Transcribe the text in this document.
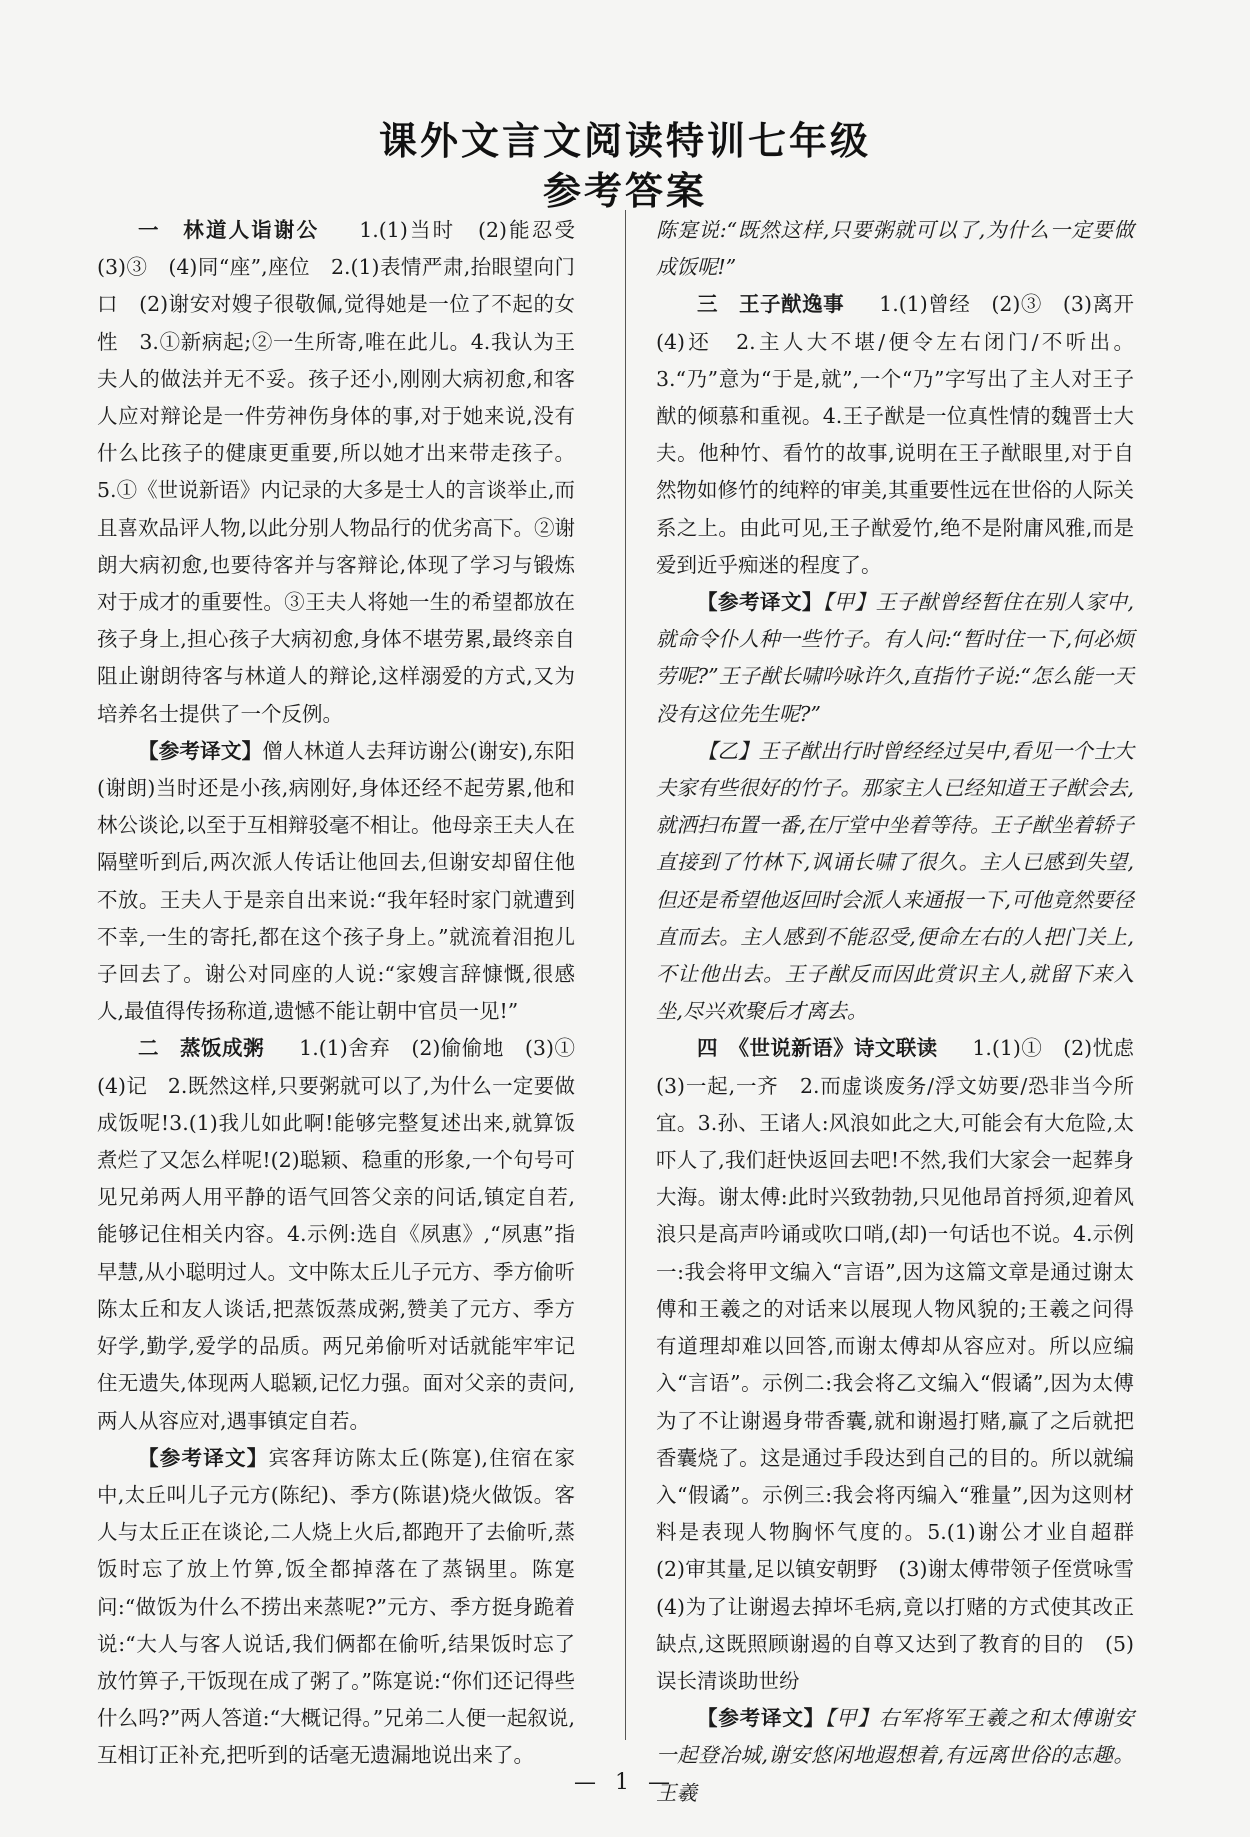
课外文言文阅读特训七年级
参考答案

一　林道人诣谢公 　 1.(1)当时　(2)能忍受　(3)③　(4)同“座”,座位　2.(1)表情严肃,抬眼望向门口　(2)谢安对嫂子很敬佩,觉得她是一位了不起的女性　3.①新病起;②一生所寄,唯在此儿。4.我认为王夫人的做法并无不妥。孩子还小,刚刚大病初愈,和客人应对辩论是一件劳神伤身体的事,对于她来说,没有什么比孩子的健康更重要,所以她才出来带走孩子。5.①《世说新语》内记录的大多是士人的言谈举止,而且喜欢品评人物,以此分别人物品行的优劣高下。②谢朗大病初愈,也要待客并与客辩论,体现了学习与锻炼对于成才的重要性。③王夫人将她一生的希望都放在孩子身上,担心孩子大病初愈,身体不堪劳累,最终亲自阻止谢朗待客与林道人的辩论,这样溺爱的方式,又为培养名士提供了一个反例。

【参考译文】僧人林道人去拜访谢公(谢安),东阳(谢朗)当时还是小孩,病刚好,身体还经不起劳累,他和林公谈论,以至于互相辩驳毫不相让。他母亲王夫人在隔壁听到后,两次派人传话让他回去,但谢安却留住他不放。王夫人于是亲自出来说:“我年轻时家门就遭到不幸,一生的寄托,都在这个孩子身上。”就流着泪抱儿子回去了。谢公对同座的人说:“家嫂言辞慷慨,很感人,最值得传扬称道,遗憾不能让朝中官员一见!”

二　蒸饭成粥 　 1.(1)舍弃　(2)偷偷地　(3)①　(4)记　2.既然这样,只要粥就可以了,为什么一定要做成饭呢!3.(1)我儿如此啊!能够完整复述出来,就算饭煮烂了又怎么样呢!(2)聪颖、稳重的形象,一个句号可见兄弟两人用平静的语气回答父亲的问话,镇定自若,能够记住相关内容。4.示例:选自《夙惠》,“夙惠”指早慧,从小聪明过人。文中陈太丘儿子元方、季方偷听陈太丘和友人谈话,把蒸饭蒸成粥,赞美了元方、季方好学,勤学,爱学的品质。两兄弟偷听对话就能牢牢记住无遗失,体现两人聪颖,记忆力强。面对父亲的责问,两人从容应对,遇事镇定自若。

【参考译文】宾客拜访陈太丘(陈寔),住宿在家中,太丘叫儿子元方(陈纪)、季方(陈谌)烧火做饭。客人与太丘正在谈论,二人烧上火后,都跑开了去偷听,蒸饭时忘了放上竹箅,饭全都掉落在了蒸锅里。陈寔问:“做饭为什么不捞出来蒸呢?”元方、季方挺身跪着说:“大人与客人说话,我们俩都在偷听,结果饭时忘了放竹箅子,干饭现在成了粥了。”陈寔说:“你们还记得些什么吗?”两人答道:“大概记得。”兄弟二人便一起叙说,互相订正补充,把听到的话毫无遗漏地说出来了。

陈寔说:“既然这样,只要粥就可以了,为什么一定要做成饭呢!”

三　王子猷逸事 　 1.(1)曾经　(2)③　(3)离开　(4)还　2.主人大不堪/便令左右闭门/不听出。3.“乃”意为“于是,就”,一个“乃”字写出了主人对王子猷的倾慕和重视。4.王子猷是一位真性情的魏晋士大夫。他种竹、看竹的故事,说明在王子猷眼里,对于自然物如修竹的纯粹的审美,其重要性远在世俗的人际关系之上。由此可见,王子猷爱竹,绝不是附庸风雅,而是爱到近乎痴迷的程度了。

【参考译文】【甲】王子猷曾经暂住在别人家中,就命令仆人种一些竹子。有人问:“暂时住一下,何必烦劳呢?”王子猷长啸吟咏许久,直指竹子说:“怎么能一天没有这位先生呢?”

【乙】王子猷出行时曾经经过吴中,看见一个士大夫家有些很好的竹子。那家主人已经知道王子猷会去,就洒扫布置一番,在厅堂中坐着等待。王子猷坐着轿子直接到了竹林下,讽诵长啸了很久。主人已感到失望,但还是希望他返回时会派人来通报一下,可他竟然要径直而去。主人感到不能忍受,便命左右的人把门关上,不让他出去。王子猷反而因此赏识主人,就留下来入坐,尽兴欢聚后才离去。

四　《世说新语》诗文联读 　 1.(1)①　(2)忧虑　(3)一起,一齐　2.而虚谈废务/浮文妨要/恐非当今所宜。3.孙、王诸人:风浪如此之大,可能会有大危险,太吓人了,我们赶快返回去吧!不然,我们大家会一起葬身大海。谢太傅:此时兴致勃勃,只见他昂首捋须,迎着风浪只是高声吟诵或吹口哨,(却)一句话也不说。4.示例一:我会将甲文编入“言语”,因为这篇文章是通过谢太傅和王羲之的对话来以展现人物风貌的;王羲之问得有道理却难以回答,而谢太傅却从容应对。所以应编入“言语”。示例二:我会将乙文编入“假谲”,因为太傅为了不让谢遏身带香囊,就和谢遏打赌,赢了之后就把香囊烧了。这是通过手段达到自己的目的。所以就编入“假谲”。示例三:我会将丙编入“雅量”,因为这则材料是表现人物胸怀气度的。5.(1)谢公才业自超群　(2)审其量,足以镇安朝野　(3)谢太傅带领子侄赏咏雪　(4)为了让谢遏去掉坏毛病,竟以打赌的方式使其改正缺点,这既照顾谢遏的自尊又达到了教育的目的　(5)误长清谈助世纷

【参考译文】【甲】右军将军王羲之和太傅谢安一起登冶城,谢安悠闲地遐想着,有远离世俗的志趣。王羲

— 1 —
